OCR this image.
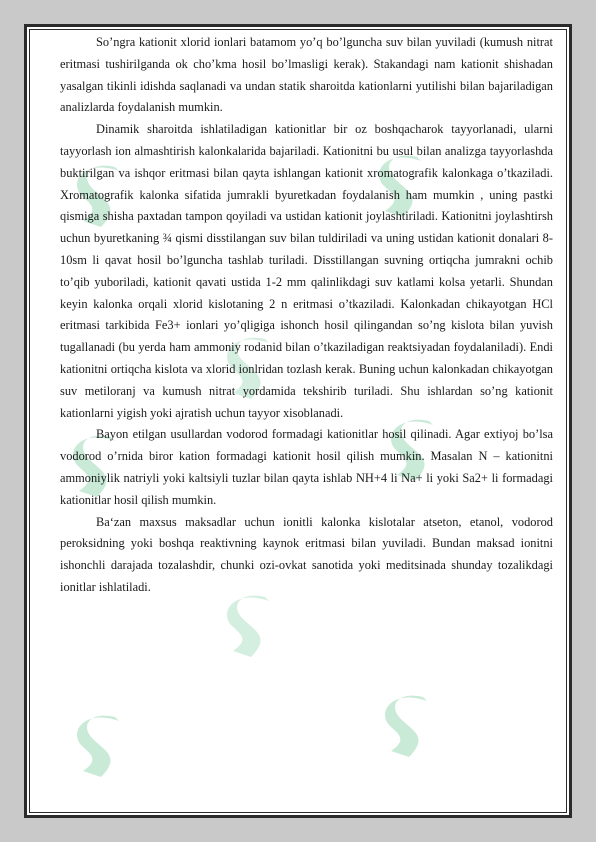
So’ngra kationit xlorid ionlari batamom yo’q bo’lguncha suv bilan yuviladi (kumush nitrat eritmasi tushirilganda ok cho’kma hosil bo’lmasligi kerak). Stakandagi nam kationit shishadan yasalgan tikinli idishda saqlanadi va undan statik sharoitda kationlarni yutilishi bilan bajariladigan analizlarda foydalanish mumkin.

Dinamik sharoitda ishlatiladigan kationitlar bir oz boshqacharok tayyorlanadi, ularni tayyorlash ion almashtirish kalonkalarida bajariladi. Kationitni bu usul bilan analizga tayyorlashda buktirilgan va ishqor eritmasi bilan qayta ishlangan kationit xromatografik kalonkaga o’tkaziladi. Xromatografik kalonka sifatida jumrakli byuretkadan foydalanish ham mumkin , uning pastki qismiga shisha paxtadan tampon qoyiladi va ustidan kationit joylashtiriladi. Kationitni joylashtirsh uchun byuretkaning ¾ qismi disstilangan suv bilan tuldiriladi va uning ustidan kationit donalari 8-10sm li qavat hosil bo’lguncha tashlab turiladi. Disstillangan suvning ortiqcha jumrakni ochib to’qib yuboriladi, kationit qavati ustida 1-2 mm qalinlikdagi suv katlami kolsa yetarli. Shundan keyin kalonka orqali xlorid kislotaning 2 n eritmasi o’tkaziladi. Kalonkadan chikayotgan HCl eritmasi tarkibida Fe3+ ionlari yo’qligiga ishonch hosil qilingandan so’ng kislota bilan yuvish tugallanadi (bu yerda ham ammoniy rodanid bilan o’tkaziladigan reaktsiyadan foydalaniladi). Endi kationitni ortiqcha kislota va xlorid ionlridan tozlash kerak. Buning uchun kalonkadan chikayotgan suv metiloranj va kumush nitrat yordamida tekshirib turiladi. Shu ishlardan so’ng kationit kationlarni yigish yoki ajratish uchun tayyor xisoblanadi.

Bayon etilgan usullardan vodorod formadagi kationitlar hosil qilinadi. Agar extiyoj bo’lsa vodorod o’rnida biror kation formadagi kationit hosil qilish mumkin. Masalan N – kationitni ammoniylik natriyli yoki kaltsiyli tuzlar bilan qayta ishlab NH+4 li Na+ li yoki Sa2+ li formadagi kationitlar hosil qilish mumkin.

Ba‘zan maxsus maksadlar uchun ionitli kalonka kislotalar atseton, etanol, vodorod peroksidning yoki boshqa reaktivning kaynok eritmasi bilan yuviladi. Bundan maksad ionitni ishonchli darajada tozalashdir, chunki ozi-ovkat sanotida yoki meditsinada shunday tozalikdagi ionitlar ishlatiladi.
